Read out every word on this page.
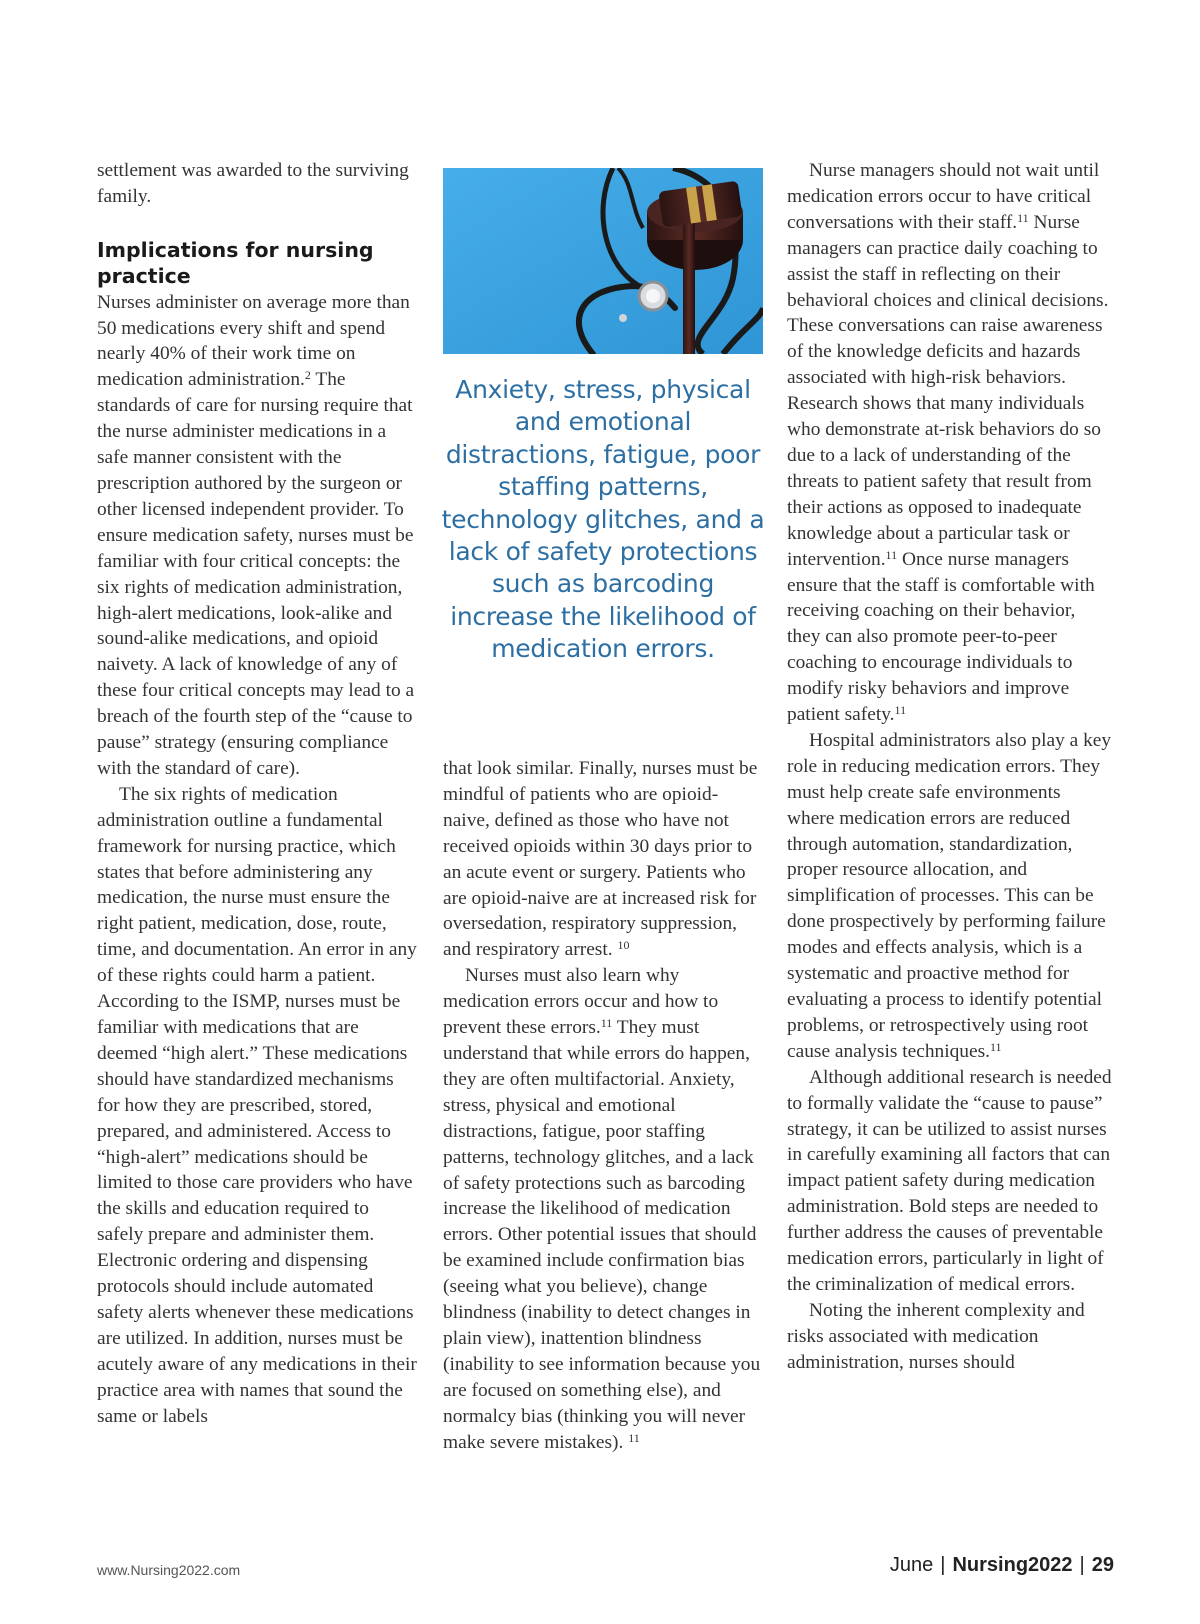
settlement was awarded to the surviving family.

Implications for nursing practice

Nurses administer on average more than 50 medications every shift and spend nearly 40% of their work time on medication administration.$^2$ The standards of care for nursing require that the nurse administer medications in a safe manner consistent with the prescription authored by the surgeon or other licensed independent provider. To ensure medication safety, nurses must be familiar with four critical concepts: the six rights of medication administration, high-alert medications, look-alike and sound-alike medications, and opioid naivety. A lack of knowledge of any of these four critical concepts may lead to a breach of the fourth step of the “cause to pause” strategy (ensuring compliance with the standard of care).

The six rights of medication administration outline a fundamental framework for nursing practice, which states that before administering any medication, the nurse must ensure the right patient, medication, dose, route, time, and documentation. An error in any of these rights could harm a patient. According to the ISMP, nurses must be familiar with medications that are deemed “high alert.” These medications should have standardized mechanisms for how they are prescribed, stored, prepared, and administered. Access to “high-alert” medications should be limited to those care providers who have the skills and education required to safely prepare and administer them. Electronic ordering and dispensing protocols should include automated safety alerts whenever these medications are utilized. In addition, nurses must be acutely aware of any medications in their practice area with names that sound the same or labels

Anxiety, stress, physical and emotional distractions, fatigue, poor staffing patterns, technology glitches, and a lack of safety protections such as barcoding increase the likelihood of medication errors.

that look similar. Finally, nurses must be mindful of patients who are opioid-naive, defined as those who have not received opioids within 30 days prior to an acute event or surgery. Patients who are opioid-naive are at increased risk for oversedation, respiratory suppression, and respiratory arrest. $^{10}$

Nurses must also learn why medication errors occur and how to prevent these errors.$^{11}$ They must understand that while errors do happen, they are often multifactorial. Anxiety, stress, physical and emotional distractions, fatigue, poor staffing patterns, technology glitches, and a lack of safety protections such as barcoding increase the likelihood of medication errors. Other potential issues that should be examined include confirmation bias (seeing what you believe), change blindness (inability to detect changes in plain view), inattention blindness (inability to see information because you are focused on something else), and normalcy bias (thinking you will never make severe mistakes). $^{11}$

Nurse managers should not wait until medication errors occur to have critical conversations with their staff.$^{11}$ Nurse managers can practice daily coaching to assist the staff in reflecting on their behavioral choices and clinical decisions. These conversations can raise awareness of the knowledge deficits and hazards associated with high-risk behaviors. Research shows that many individuals who demonstrate at-risk behaviors do so due to a lack of understanding of the threats to patient safety that result from their actions as opposed to inadequate knowledge about a particular task or intervention.$^{11}$ Once nurse managers ensure that the staff is comfortable with receiving coaching on their behavior, they can also promote peer-to-peer coaching to encourage individuals to modify risky behaviors and improve patient safety.$^{11}$

Hospital administrators also play a key role in reducing medication errors. They must help create safe environments where medication errors are reduced through automation, standardization, proper resource allocation, and simplification of processes. This can be done prospectively by performing failure modes and effects analysis, which is a systematic and proactive method for evaluating a process to identify potential problems, or retrospectively using root cause analysis techniques.$^{11}$

Although additional research is needed to formally validate the “cause to pause” strategy, it can be utilized to assist nurses in carefully examining all factors that can impact patient safety during medication administration. Bold steps are needed to further address the causes of preventable medication errors, particularly in light of the criminalization of medical errors.

Noting the inherent complexity and risks associated with medication administration, nurses should

www.Nursing2022.com	June | Nursing2022 | 29
